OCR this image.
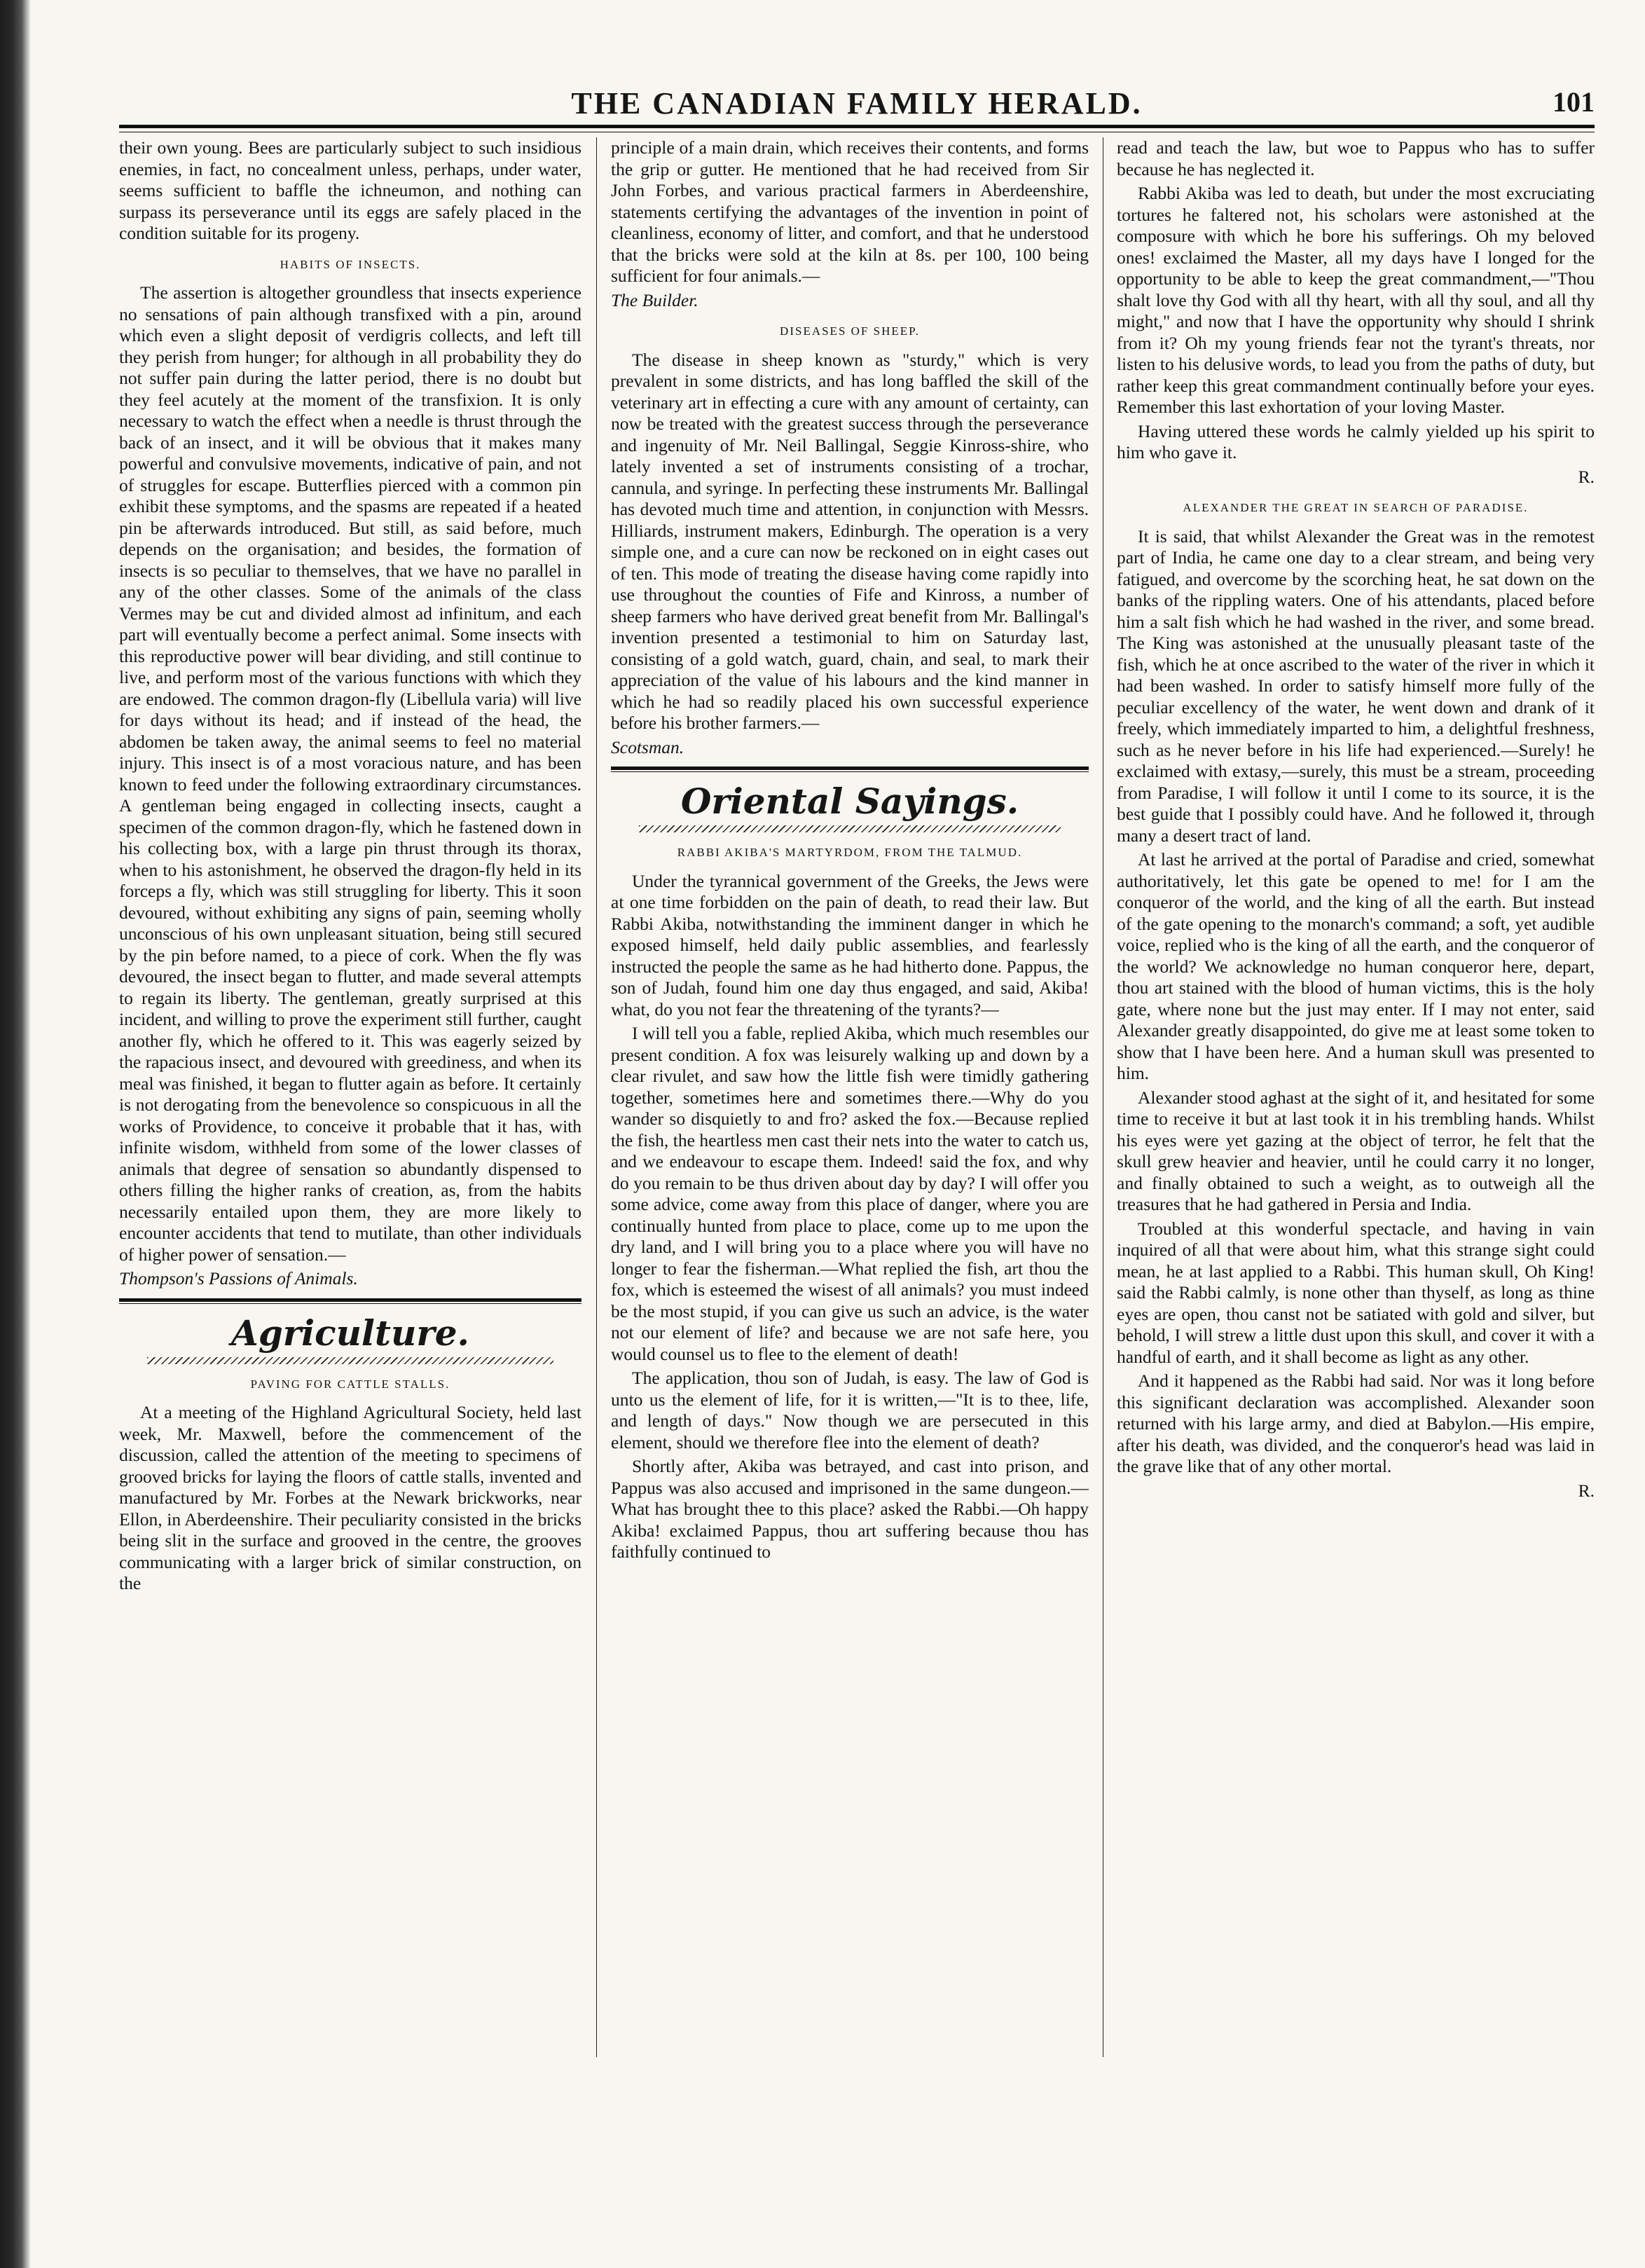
THE CANADIAN FAMILY HERALD.	101

their own young. Bees are particularly subject to such insidious enemies, in fact, no concealment unless, perhaps, under water, seems sufficient to baffle the ichneumon, and nothing can surpass its perseverance until its eggs are safely placed in the condition suitable for its progeny.

HABITS OF INSECTS.

The assertion is altogether groundless that insects experience no sensations of pain although transfixed with a pin, around which even a slight deposit of verdigris collects, and left till they perish from hunger; for although in all probability they do not suffer pain during the latter period, there is no doubt but they feel acutely at the moment of the transfixion. It is only necessary to watch the effect when a needle is thrust through the back of an insect, and it will be obvious that it makes many powerful and convulsive movements, indicative of pain, and not of struggles for escape. Butterflies pierced with a common pin exhibit these symptoms, and the spasms are repeated if a heated pin be afterwards introduced. But still, as said before, much depends on the organisation; and besides, the formation of insects is so peculiar to themselves, that we have no parallel in any of the other classes. Some of the animals of the class Vermes may be cut and divided almost ad infinitum, and each part will eventually become a perfect animal. Some insects with this reproductive power will bear dividing, and still continue to live, and perform most of the various functions with which they are endowed. The common dragon-fly (Libellula varia) will live for days without its head; and if instead of the head, the abdomen be taken away, the animal seems to feel no material injury. This insect is of a most voracious nature, and has been known to feed under the following extraordinary circumstances. A gentleman being engaged in collecting insects, caught a specimen of the common dragon-fly, which he fastened down in his collecting box, with a large pin thrust through its thorax, when to his astonishment, he observed the dragon-fly held in its forceps a fly, which was still struggling for liberty. This it soon devoured, without exhibiting any signs of pain, seeming wholly unconscious of his own unpleasant situation, being still secured by the pin before named, to a piece of cork. When the fly was devoured, the insect began to flutter, and made several attempts to regain its liberty. The gentleman, greatly surprised at this incident, and willing to prove the experiment still further, caught another fly, which he offered to it. This was eagerly seized by the rapacious insect, and devoured with greediness, and when its meal was finished, it began to flutter again as before. It certainly is not derogating from the benevolence so conspicuous in all the works of Providence, to conceive it probable that it has, with infinite wisdom, withheld from some of the lower classes of animals that degree of sensation so abundantly dispensed to others filling the higher ranks of creation, as, from the habits necessarily entailed upon them, they are more likely to encounter accidents that tend to mutilate, than other individuals of higher power of sensation.—

Thompson's Passions of Animals.

Agriculture.
PAVING FOR CATTLE STALLS.

At a meeting of the Highland Agricultural Society, held last week, Mr. Maxwell, before the commencement of the discussion, called the attention of the meeting to specimens of grooved bricks for laying the floors of cattle stalls, invented and manufactured by Mr. Forbes at the Newark brickworks, near Ellon, in Aberdeenshire. Their peculiarity consisted in the bricks being slit in the surface and grooved in the centre, the grooves communicating with a larger brick of similar construction, on the

principle of a main drain, which receives their contents, and forms the grip or gutter. He mentioned that he had received from Sir John Forbes, and various practical farmers in Aberdeenshire, statements certifying the advantages of the invention in point of cleanliness, economy of litter, and comfort, and that he understood that the bricks were sold at the kiln at 8s. per 100, 100 being sufficient for four animals.—

The Builder.

DISEASES OF SHEEP.

The disease in sheep known as "sturdy," which is very prevalent in some districts, and has long baffled the skill of the veterinary art in effecting a cure with any amount of certainty, can now be treated with the greatest success through the perseverance and ingenuity of Mr. Neil Ballingal, Seggie Kinross-shire, who lately invented a set of instruments consisting of a trochar, cannula, and syringe. In perfecting these instruments Mr. Ballingal has devoted much time and attention, in conjunction with Messrs. Hilliards, instrument makers, Edinburgh. The operation is a very simple one, and a cure can now be reckoned on in eight cases out of ten. This mode of treating the disease having come rapidly into use throughout the counties of Fife and Kinross, a number of sheep farmers who have derived great benefit from Mr. Ballingal's invention presented a testimonial to him on Saturday last, consisting of a gold watch, guard, chain, and seal, to mark their appreciation of the value of his labours and the kind manner in which he had so readily placed his own successful experience before his brother farmers.—

Scotsman.

Oriental Sayings.
RABBI AKIBA'S MARTYRDOM, FROM THE TALMUD.

Under the tyrannical government of the Greeks, the Jews were at one time forbidden on the pain of death, to read their law. But Rabbi Akiba, notwithstanding the imminent danger in which he exposed himself, held daily public assemblies, and fearlessly instructed the people the same as he had hitherto done. Pappus, the son of Judah, found him one day thus engaged, and said, Akiba! what, do you not fear the threatening of the tyrants?—

I will tell you a fable, replied Akiba, which much resembles our present condition. A fox was leisurely walking up and down by a clear rivulet, and saw how the little fish were timidly gathering together, sometimes here and sometimes there.—Why do you wander so disquietly to and fro? asked the fox.—Because replied the fish, the heartless men cast their nets into the water to catch us, and we endeavour to escape them. Indeed! said the fox, and why do you remain to be thus driven about day by day? I will offer you some advice, come away from this place of danger, where you are continually hunted from place to place, come up to me upon the dry land, and I will bring you to a place where you will have no longer to fear the fisherman.—What replied the fish, art thou the fox, which is esteemed the wisest of all animals? you must indeed be the most stupid, if you can give us such an advice, is the water not our element of life? and because we are not safe here, you would counsel us to flee to the element of death!

The application, thou son of Judah, is easy. The law of God is unto us the element of life, for it is written,—"It is to thee, life, and length of days." Now though we are persecuted in this element, should we therefore flee into the element of death?

Shortly after, Akiba was betrayed, and cast into prison, and Pappus was also accused and imprisoned in the same dungeon.—What has brought thee to this place? asked the Rabbi.—Oh happy Akiba! exclaimed Pappus, thou art suffering because thou has faithfully continued to

read and teach the law, but woe to Pappus who has to suffer because he has neglected it.

Rabbi Akiba was led to death, but under the most excruciating tortures he faltered not, his scholars were astonished at the composure with which he bore his sufferings. Oh my beloved ones! exclaimed the Master, all my days have I longed for the opportunity to be able to keep the great commandment,—"Thou shalt love thy God with all thy heart, with all thy soul, and all thy might," and now that I have the opportunity why should I shrink from it? Oh my young friends fear not the tyrant's threats, nor listen to his delusive words, to lead you from the paths of duty, but rather keep this great commandment continually before your eyes. Remember this last exhortation of your loving Master.

Having uttered these words he calmly yielded up his spirit to him who gave it.

R.

ALEXANDER THE GREAT IN SEARCH OF PARADISE.

It is said, that whilst Alexander the Great was in the remotest part of India, he came one day to a clear stream, and being very fatigued, and overcome by the scorching heat, he sat down on the banks of the rippling waters. One of his attendants, placed before him a salt fish which he had washed in the river, and some bread. The King was astonished at the unusually pleasant taste of the fish, which he at once ascribed to the water of the river in which it had been washed. In order to satisfy himself more fully of the peculiar excellency of the water, he went down and drank of it freely, which immediately imparted to him, a delightful freshness, such as he never before in his life had experienced.—Surely! he exclaimed with extasy,—surely, this must be a stream, proceeding from Paradise, I will follow it until I come to its source, it is the best guide that I possibly could have. And he followed it, through many a desert tract of land.

At last he arrived at the portal of Paradise and cried, somewhat authoritatively, let this gate be opened to me! for I am the conqueror of the world, and the king of all the earth. But instead of the gate opening to the monarch's command; a soft, yet audible voice, replied who is the king of all the earth, and the conqueror of the world? We acknowledge no human conqueror here, depart, thou art stained with the blood of human victims, this is the holy gate, where none but the just may enter. If I may not enter, said Alexander greatly disappointed, do give me at least some token to show that I have been here. And a human skull was presented to him.

Alexander stood aghast at the sight of it, and hesitated for some time to receive it but at last took it in his trembling hands. Whilst his eyes were yet gazing at the object of terror, he felt that the skull grew heavier and heavier, until he could carry it no longer, and finally obtained to such a weight, as to outweigh all the treasures that he had gathered in Persia and India.

Troubled at this wonderful spectacle, and having in vain inquired of all that were about him, what this strange sight could mean, he at last applied to a Rabbi. This human skull, Oh King! said the Rabbi calmly, is none other than thyself, as long as thine eyes are open, thou canst not be satiated with gold and silver, but behold, I will strew a little dust upon this skull, and cover it with a handful of earth, and it shall become as light as any other.

And it happened as the Rabbi had said. Nor was it long before this significant declaration was accomplished. Alexander soon returned with his large army, and died at Babylon.—His empire, after his death, was divided, and the conqueror's head was laid in the grave like that of any other mortal.

R.
